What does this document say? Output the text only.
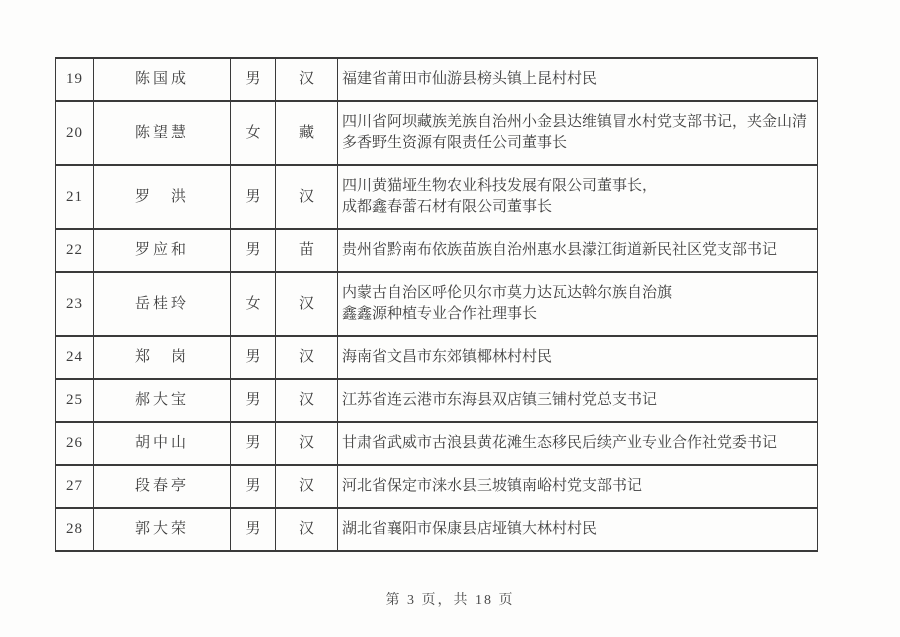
19	陈国成	男	汉	福建省莆田市仙游县榜头镇上昆村村民

20	陈望慧	女	藏	四川省阿坝藏族羌族自治州小金县达维镇冒水村党支部书记，夹金山清
多香野生资源有限责任公司董事长

21	罗　洪	男	汉	四川黄猫垭生物农业科技发展有限公司董事长，
成都鑫春蕾石材有限公司董事长

22	罗应和	男	苗	贵州省黔南布依族苗族自治州惠水县濛江街道新民社区党支部书记

23	岳桂玲	女	汉	内蒙古自治区呼伦贝尔市莫力达瓦达斡尔族自治旗
鑫鑫源种植专业合作社理事长

24	郑　岗	男	汉	海南省文昌市东郊镇椰林村村民

25	郝大宝	男	汉	江苏省连云港市东海县双店镇三铺村党总支书记

26	胡中山	男	汉	甘肃省武威市古浪县黄花滩生态移民后续产业专业合作社党委书记

27	段春亭	男	汉	河北省保定市涞水县三坡镇南峪村党支部书记

28	郭大荣	男	汉	湖北省襄阳市保康县店垭镇大林村村民
第 3 页，共 18 页
